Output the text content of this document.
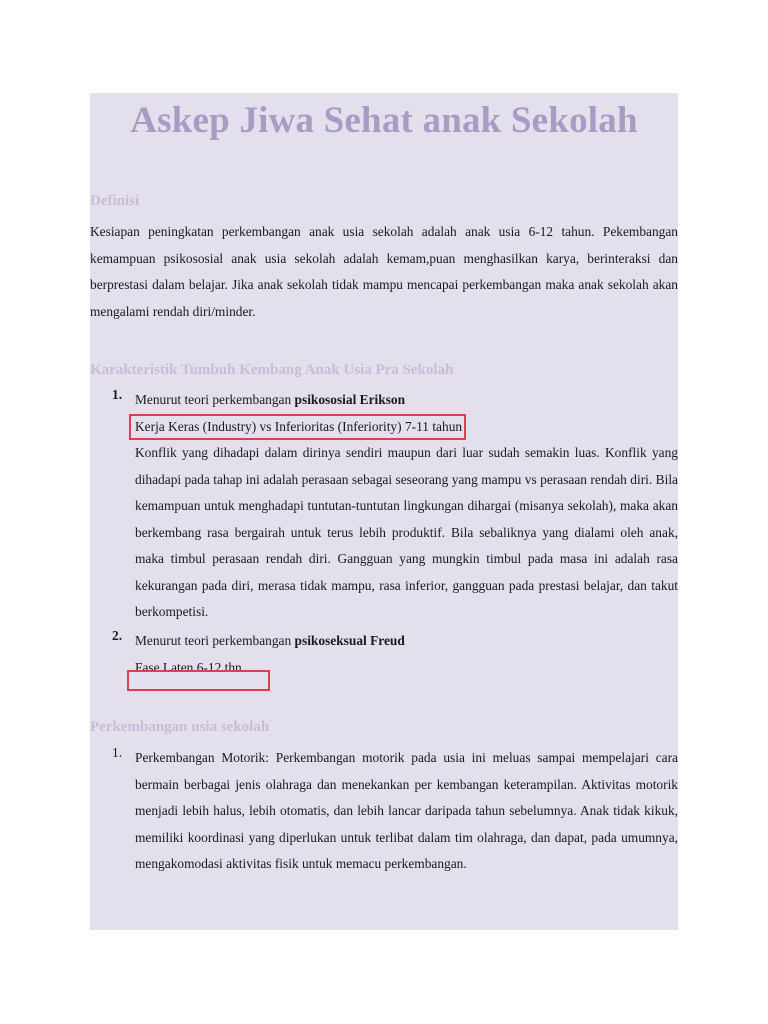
Askep Jiwa Sehat anak Sekolah
Definisi

Kesiapan peningkatan perkembangan anak usia sekolah adalah anak usia 6-12 tahun. Pekembangan kemampuan psikososial anak usia sekolah adalah kemam,puan menghasilkan karya, berinteraksi dan berprestasi dalam belajar. Jika anak sekolah tidak mampu mencapai perkembangan maka anak sekolah akan mengalami rendah diri/minder.

Karakteristik Tumbuh Kembang Anak Usia Pra Sekolah
1. Menurut teori perkembangan psikososial Erikson

Kerja Keras (Industry) vs Inferioritas (Inferiority) 7-11 tahun

Konflik yang dihadapi dalam dirinya sendiri maupun dari luar sudah semakin luas. Konflik yang dihadapi pada tahap ini adalah perasaan sebagai seseorang yang mampu vs perasaan rendah diri. Bila kemampuan untuk menghadapi tuntutan-tuntutan lingkungan dihargai (misanya sekolah), maka akan berkembang rasa bergairah untuk terus lebih produktif. Bila sebaliknya yang dialami oleh anak, maka timbul perasaan rendah diri. Gangguan yang mungkin timbul pada masa ini adalah rasa kekurangan pada diri, merasa tidak mampu, rasa inferior, gangguan pada prestasi belajar, dan takut berkompetisi.

2. Menurut teori perkembangan psikoseksual Freud

Fase Laten 6-12 thn

Perkembangan usia sekolah
1. Perkembangan Motorik: Perkembangan motorik pada usia ini meluas sampai mempelajari cara bermain berbagai jenis olahraga dan menekankan per kembangan keterampilan. Aktivitas motorik menjadi lebih halus, lebih otomatis, dan lebih lancar daripada tahun sebelumnya. Anak tidak kikuk, memiliki koordinasi yang diperlukan untuk terlibat dalam tim olahraga, dan dapat, pada umumnya, mengakomodasi aktivitas fisik untuk memacu perkembangan.
